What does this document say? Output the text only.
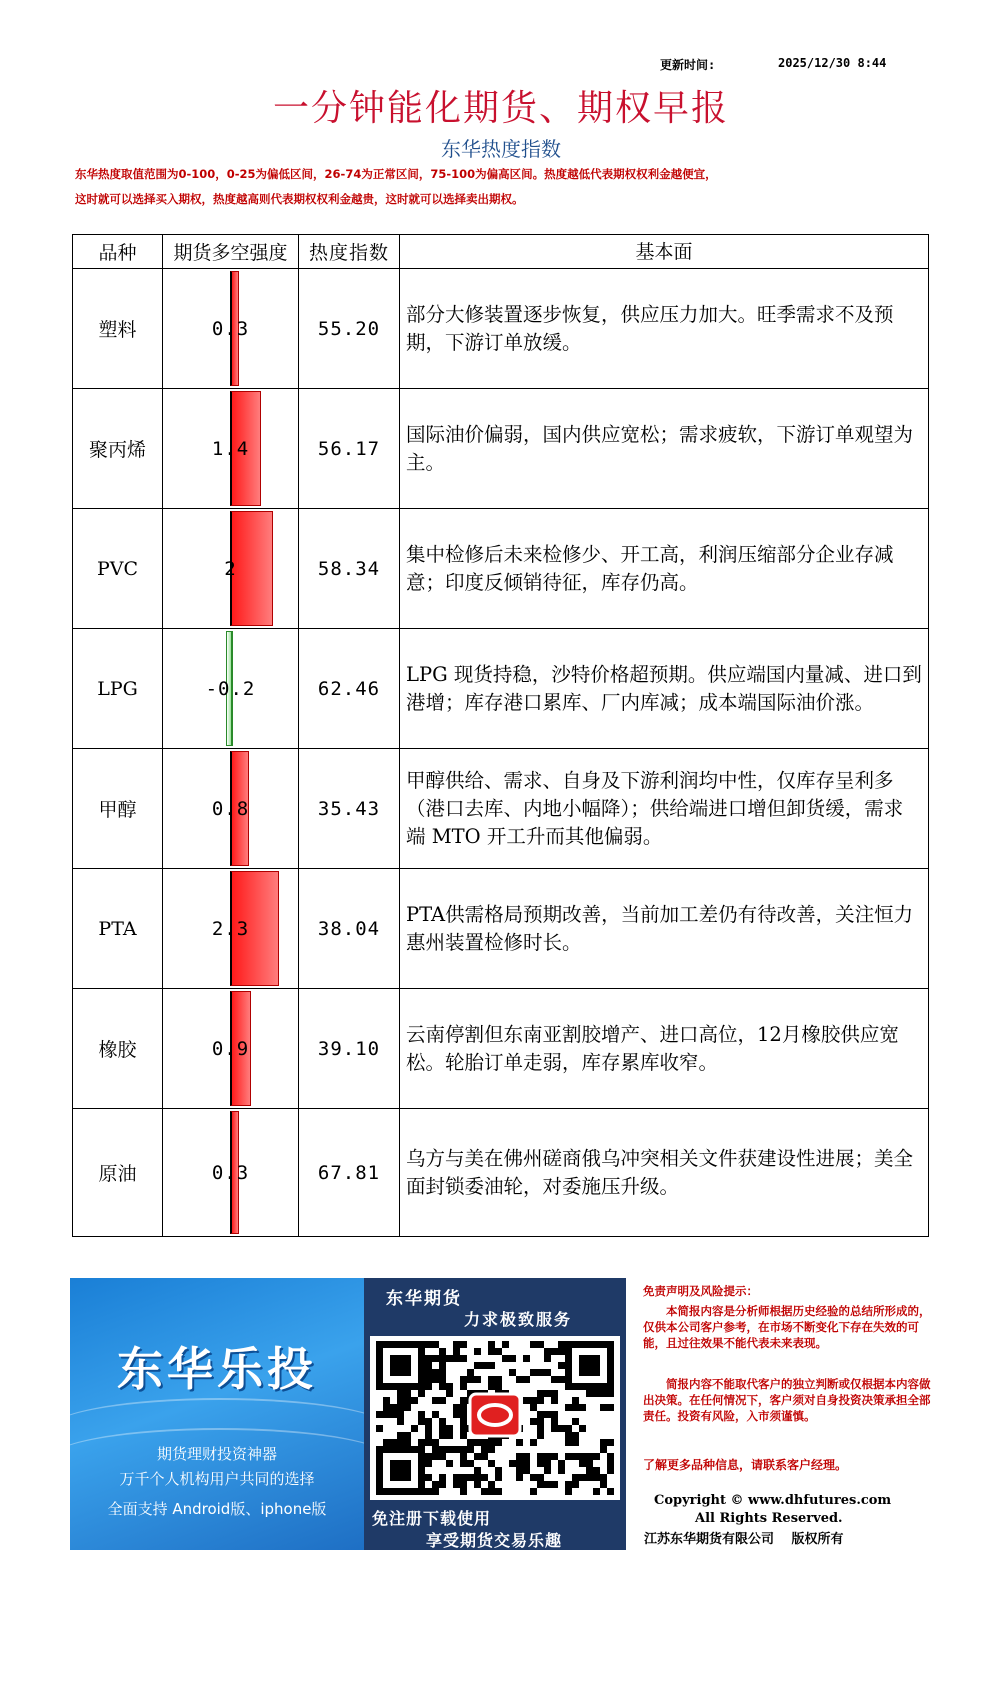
更新时间:	2025/12/30 8:44
一分钟能化期货、期权早报
东华热度指数
东华热度取值范围为0-100，0-25为偏低区间，26-74为正常区间，75-100为偏高区间。热度越低代表期权权利金越便宜，
这时就可以选择买入期权，热度越高则代表期权权利金越贵，这时就可以选择卖出期权。
品种	期货多空强度	热度指数	基本面
塑料	0.3	55.20	部分大修装置逐步恢复，供应压力加大。旺季需求不及预期，下游订单放缓。
聚丙烯	1.4	56.17	国际油价偏弱，国内供应宽松；需求疲软，下游订单观望为主。
PVC	2	58.34	集中检修后未来检修少、开工高，利润压缩部分企业存减意；印度反倾销待征，库存仍高。
LPG	-0.2	62.46	LPG 现货持稳，沙特价格超预期。供应端国内量减、进口到港增；库存港口累库、厂内库减；成本端国际油价涨。
甲醇	0.8	35.43	甲醇供给、需求、自身及下游利润均中性，仅库存呈利多（港口去库、内地小幅降）；供给端进口增但卸货缓，需求端 MTO 开工升而其他偏弱。
PTA	2.3	38.04	PTA供需格局预期改善，当前加工差仍有待改善，关注恒力惠州装置检修时长。
橡胶	0.9	39.10	云南停割但东南亚割胶增产、进口高位，12月橡胶供应宽松。轮胎订单走弱，库存累库收窄。
原油	0.3	67.81	乌方与美在佛州磋商俄乌冲突相关文件获建设性进展；美全面封锁委油轮，对委施压升级。
东华乐投
期货理财投资神器
万千个人机构用户共同的选择
全面支持 Android版、iphone版
东华期货
力求极致服务
免注册下载使用
享受期货交易乐趣
免责声明及风险提示：
本简报内容是分析师根据历史经验的总结所形成的，仅供本公司客户参考，在市场不断变化下存在失效的可能，且过往效果不能代表未来表现。
简报内容不能取代客户的独立判断或仅根据本内容做出决策。在任何情况下，客户须对自身投资决策承担全部责任。投资有风险，入市须谨慎。
了解更多品种信息，请联系客户经理。
Copyright © www.dhfutures.com
All Rights Reserved.
江苏东华期货有限公司　 版权所有
